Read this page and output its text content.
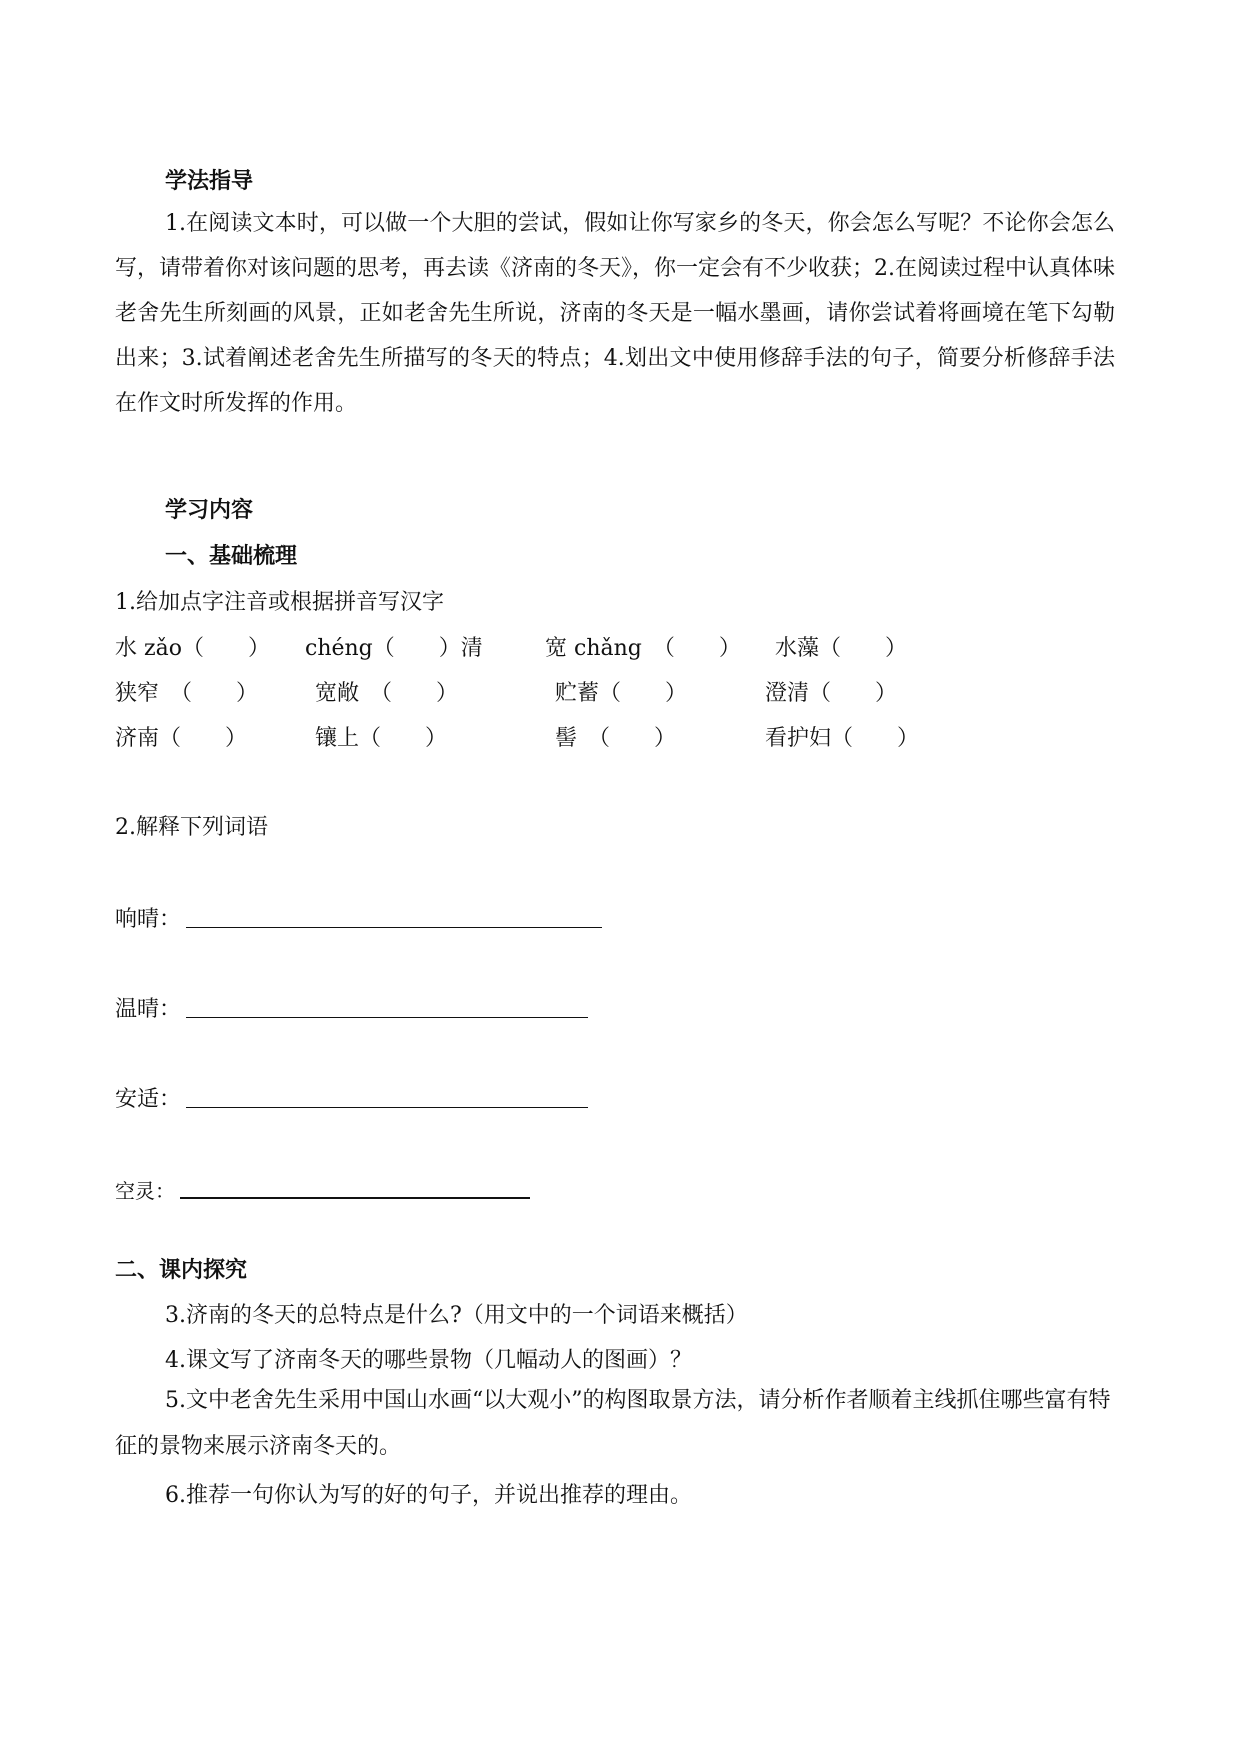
学法指导

1.在阅读文本时，可以做一个大胆的尝试，假如让你写家乡的冬天，你会怎么写呢？不论你会怎么写，请带着你对该问题的思考，再去读《济南的冬天》，你一定会有不少收获；2.在阅读过程中认真体味老舍先生所刻画的风景，正如老舍先生所说，济南的冬天是一幅水墨画，请你尝试着将画境在笔下勾勒出来；3.试着阐述老舍先生所描写的冬天的特点；4.划出文中使用修辞手法的句子，简要分析修辞手法在作文时所发挥的作用。

学习内容
一、基础梳理
1.给加点字注音或根据拼音写汉字
水 zǎo（　　） chéng（　　）清	宽 chǎng　（　　） 水藻（　　）
狭窄　（　　）	宽敞　（　　）	贮蓄（　　）	澄清（　　）
济南（　　）	镶上（　　）	髻　（　　）	看护妇（　　）
2.解释下列词语
响晴：
温晴：
安适：
空灵：
二、课内探究
3.济南的冬天的总特点是什么?（用文中的一个词语来概括）
4.课文写了济南冬天的哪些景物（几幅动人的图画）？

5.文中老舍先生采用中国山水画“以大观小”的构图取景方法，请分析作者顺着主线抓住哪些富有特征的景物来展示济南冬天的。

6.推荐一句你认为写的好的句子，并说出推荐的理由。
